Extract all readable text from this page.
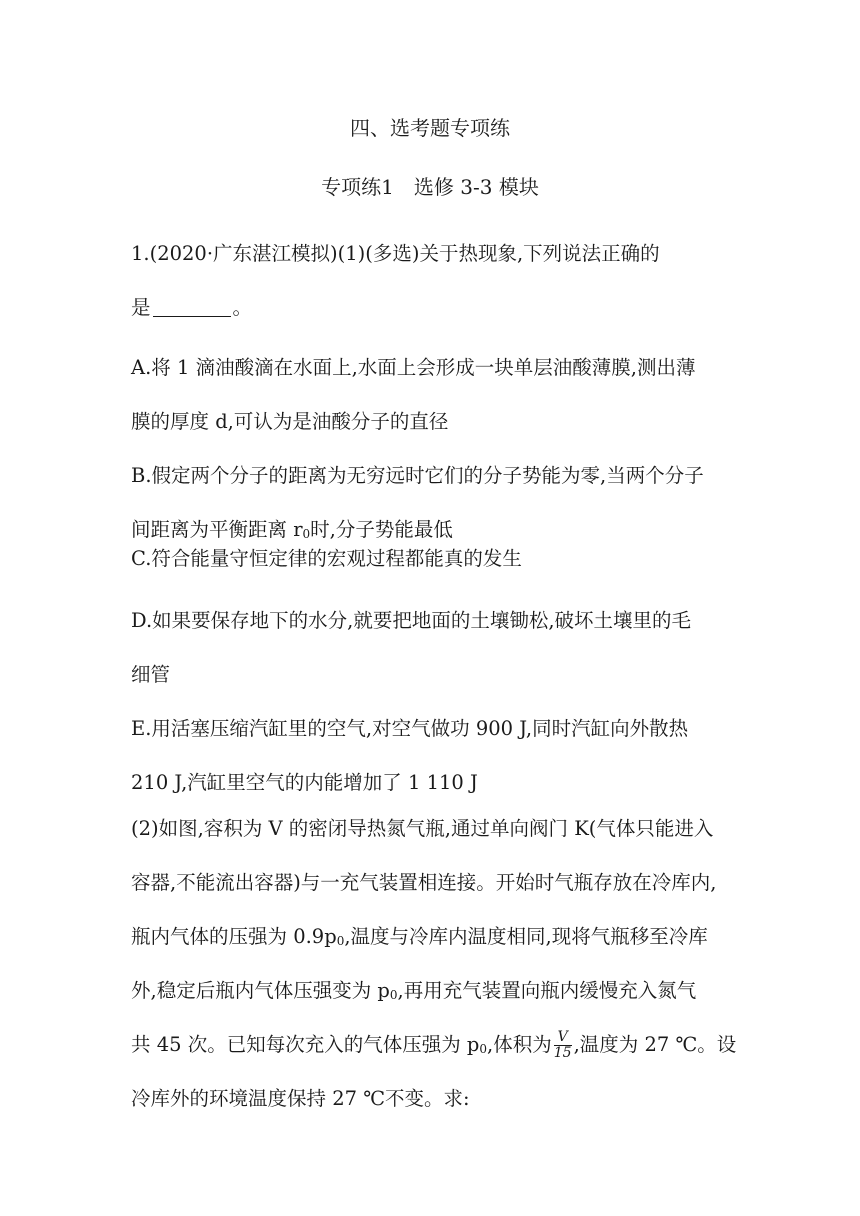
四、选考题专项练
专项练1　选修 3-3 模块
1.(2020·广东湛江模拟)(1)(多选)关于热现象,下列说法正确的
是	。
A.将 1 滴油酸滴在水面上,水面上会形成一块单层油酸薄膜,测出薄
膜的厚度 d,可认为是油酸分子的直径
B.假定两个分子的距离为无穷远时它们的分子势能为零,当两个分子
间距离为平衡距离 $r_0$时,分子势能最低
C.符合能量守恒定律的宏观过程都能真的发生
D.如果要保存地下的水分,就要把地面的土壤锄松,破坏土壤里的毛
细管
E.用活塞压缩汽缸里的空气,对空气做功 900 J,同时汽缸向外散热
210 J,汽缸里空气的内能增加了 1 110 J
(2)如图,容积为 V 的密闭导热氮气瓶,通过单向阀门 K(气体只能进入
容器,不能流出容器)与一充气装置相连接。开始时气瓶存放在冷库内,
瓶内气体的压强为 $0.9p_0$,温度与冷库内温度相同,现将气瓶移至冷库
外,稳定后瓶内气体压强变为 $p_0$,再用充气装置向瓶内缓慢充入氮气
共 45 次。已知每次充入的气体压强为 $p_0$,体积为 $\frac{V}{15}$ ,温度为 27 ℃。设
冷库外的环境温度保持 27 ℃不变。求:
